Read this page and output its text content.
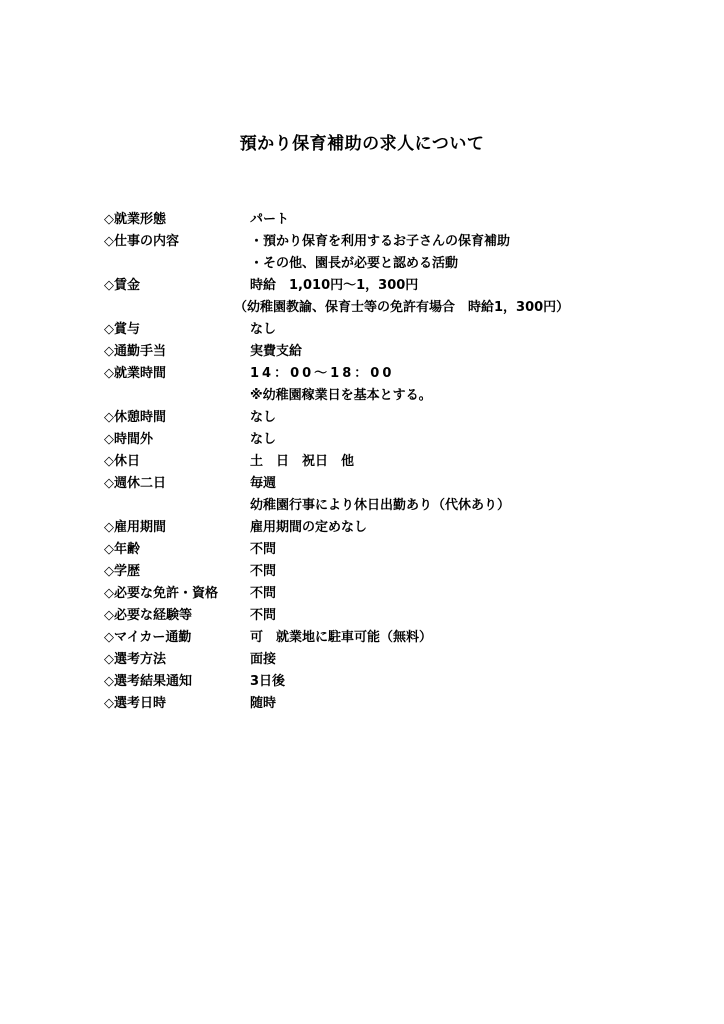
預かり保育補助の求人について
◇就業形態	パート
◇仕事の内容	・預かり保育を利用するお子さんの保育補助
・その他、園長が必要と認める活動
◇賃金	時給　1,010円～1，300円
（幼稚園教諭、保育士等の免許有場合　時給1，300円）
◇賞与	なし
◇通勤手当	実費支給
◇就業時間	14：00～18：00
※幼稚園稼業日を基本とする。
◇休憩時間	なし
◇時間外	なし
◇休日	土　日　祝日　他
◇週休二日	毎週
幼稚園行事により休日出勤あり（代休あり）
◇雇用期間	雇用期間の定めなし
◇年齢	不問
◇学歴	不問
◇必要な免許・資格 不問
◇必要な経験等	不問
◇マイカー通勤	可　就業地に駐車可能（無料）
◇選考方法	面接
◇選考結果通知	3日後
◇選考日時	随時
